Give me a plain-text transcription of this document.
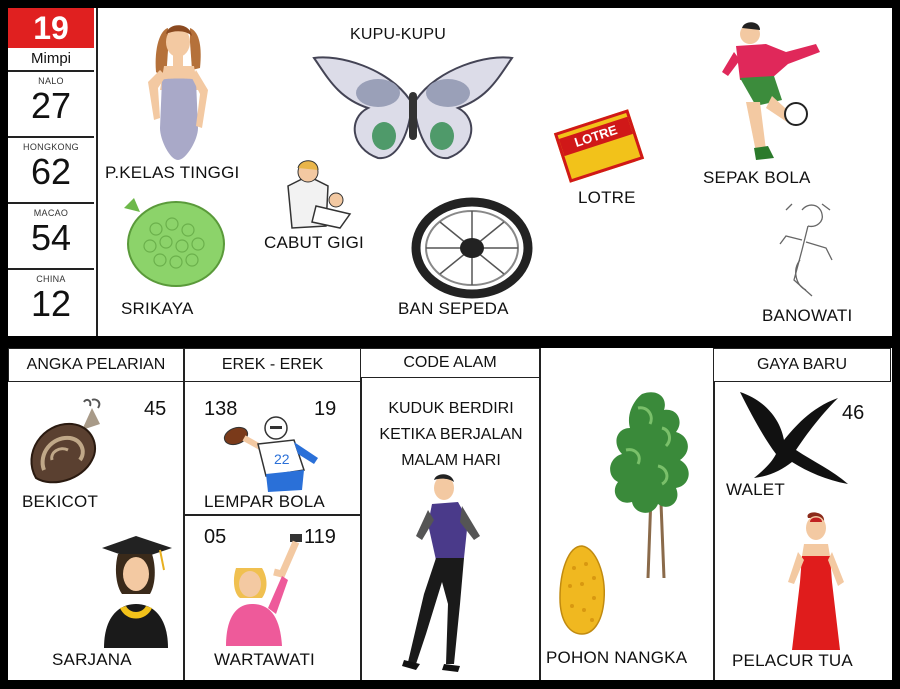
19
Mimpi
NALO
27
HONGKONG
62
MACAO
54
CHINA
12
P.KELAS TINGGI
KUPU-KUPU
CABUT GIGI
SRIKAYA	BAN SEPEDA
LOTRE
LOTRE
SEPAK BOLA
BANOWATI
ANGKA PELARIAN	EREK - EREK	CODE ALAM	GAYA BARU
45
BEKICOT
SARJANA
138	19
22
LEMPAR BOLA
05	119
WARTAWATI
KUDUK BERDIRI
KETIKA BERJALAN
MALAM HARI
POHON NANGKA
46
WALET
PELACUR TUA
